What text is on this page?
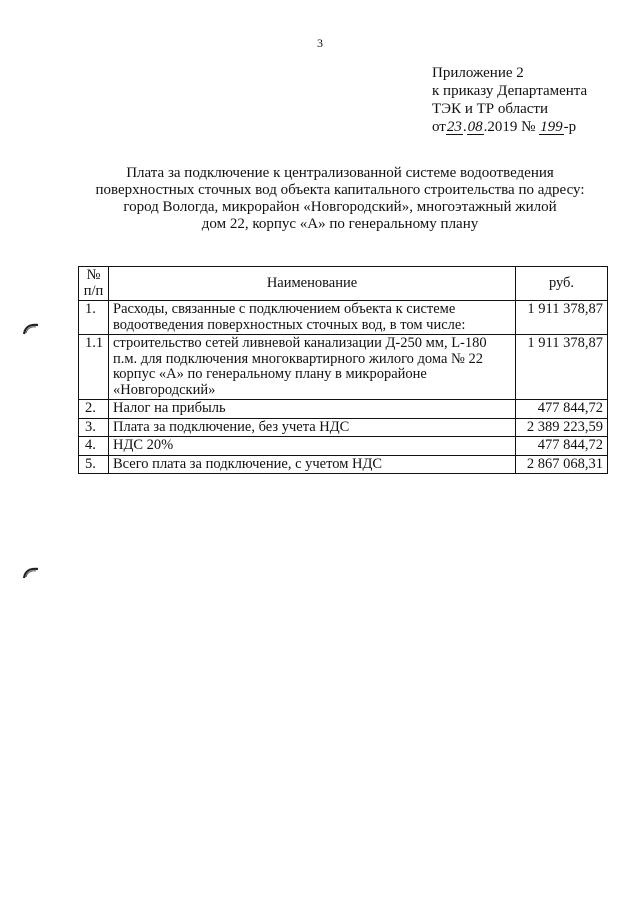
3
Приложение 2
к приказу Департамента
ТЭК и ТР области
от23.08.2019 № 199-р
Плата за подключение к централизованной системе водоотведения
поверхностных сточных вод объекта капитального строительства по адресу:
город Вологда, микрорайон «Новгородский», многоэтажный жилой
дом 22, корпус «А» по генеральному плану
№ п/п	Наименование	руб.
1.	Расходы, связанные с подключением объекта к системе водоотведения поверхностных сточных вод, в том числе:	1 911 378,87
1.1	строительство сетей ливневой канализации Д-250 мм, L-180 п.м. для подключения многоквартирного жилого дома № 22 корпус «А» по генеральному плану в микрорайоне «Новгородский»	1 911 378,87
2.	Налог на прибыль	477 844,72
3.	Плата за подключение, без учета НДС	2 389 223,59
4.	НДС 20%	477 844,72
5.	Всего плата за подключение, с учетом НДС	2 867 068,31
